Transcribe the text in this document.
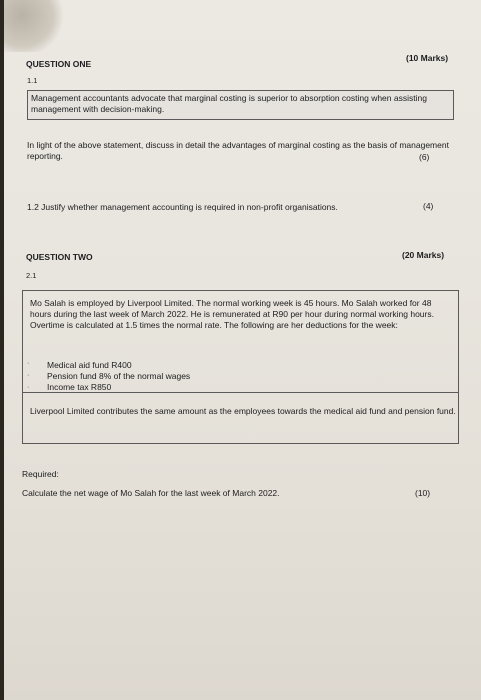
QUESTION ONE
(10 Marks)
1.1
Management accountants advocate that marginal costing is superior to absorption costing when assisting management with decision-making.
In light of the above statement, discuss in detail the advantages of marginal costing as the basis of management reporting.	(6)
1.2 Justify whether management accounting is required in non-profit organisations.	(4)
QUESTION TWO	(20 Marks)
2.1
Mo Salah is employed by Liverpool Limited. The normal working week is 45 hours. Mo Salah worked for 48 hours during the last week of March 2022. He is remunerated at R90 per hour during normal working hours. Overtime is calculated at 1.5 times the normal rate. The following are her deductions for the week:
·
·
·
Medical aid fund R400
Pension fund 8% of the normal wages
Income tax R850
Liverpool Limited contributes the same amount as the employees towards the medical aid fund and pension fund.
Required:
Calculate the net wage of Mo Salah for the last week of March 2022.	(10)
